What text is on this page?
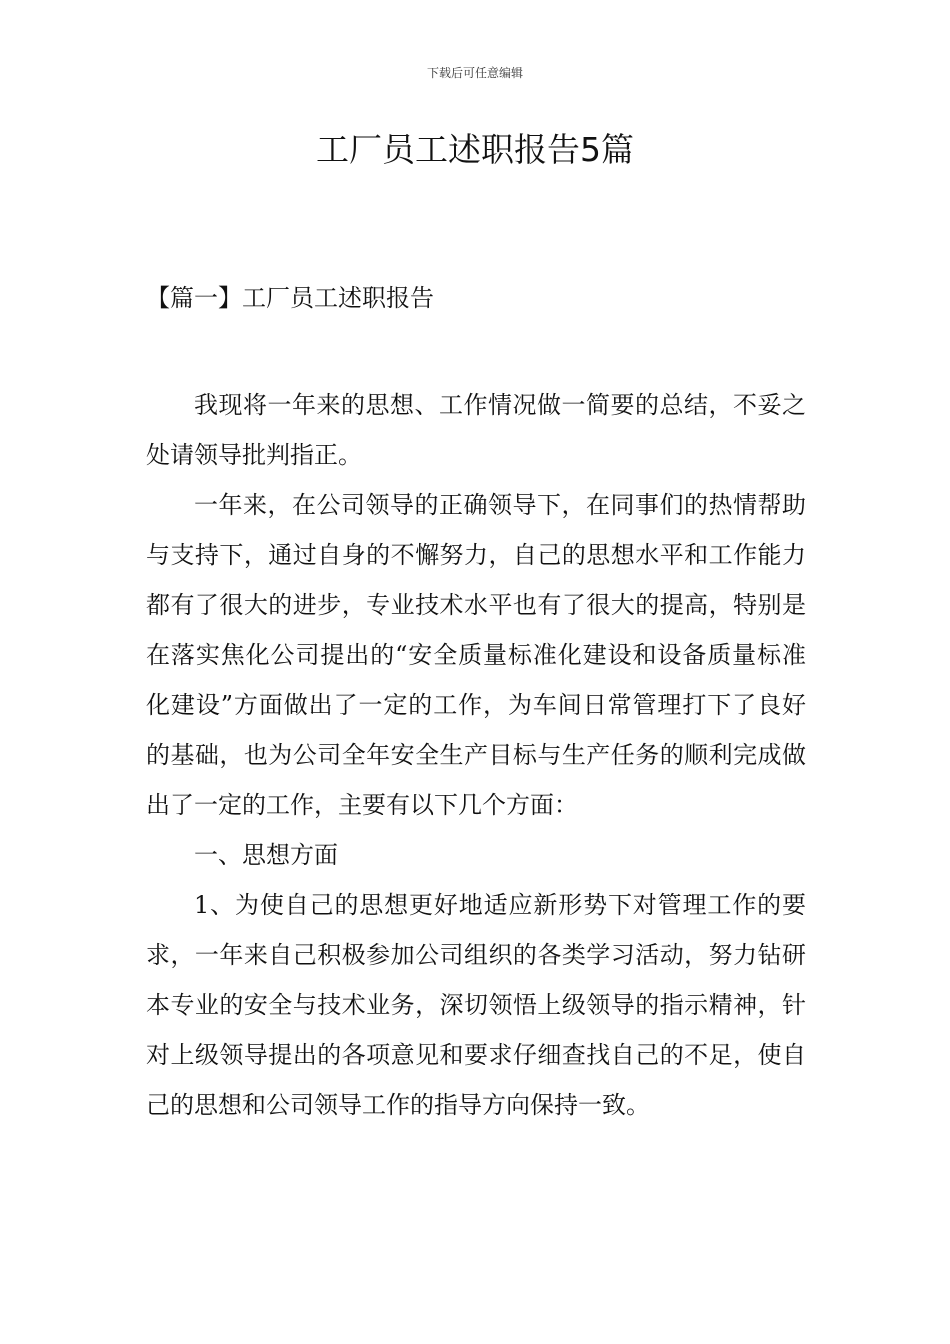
下载后可任意编辑
工厂员工述职报告5篇
【篇一】工厂员工述职报告

我现将一年来的思想、工作情况做一简要的总结，不妥之处请领导批判指正。

一年来，在公司领导的正确领导下，在同事们的热情帮助与支持下，通过自身的不懈努力，自己的思想水平和工作能力都有了很大的进步，专业技术水平也有了很大的提高，特别是在落实焦化公司提出的“安全质量标准化建设和设备质量标准化建设”方面做出了一定的工作，为车间日常管理打下了良好的基础，也为公司全年安全生产目标与生产任务的顺利完成做出了一定的工作，主要有以下几个方面：

一、思想方面

1、为使自己的思想更好地适应新形势下对管理工作的要求，一年来自己积极参加公司组织的各类学习活动，努力钻研本专业的安全与技术业务，深切领悟上级领导的指示精神，针对上级领导提出的各项意见和要求仔细查找自己的不足，使自己的思想和公司领导工作的指导方向保持一致。
